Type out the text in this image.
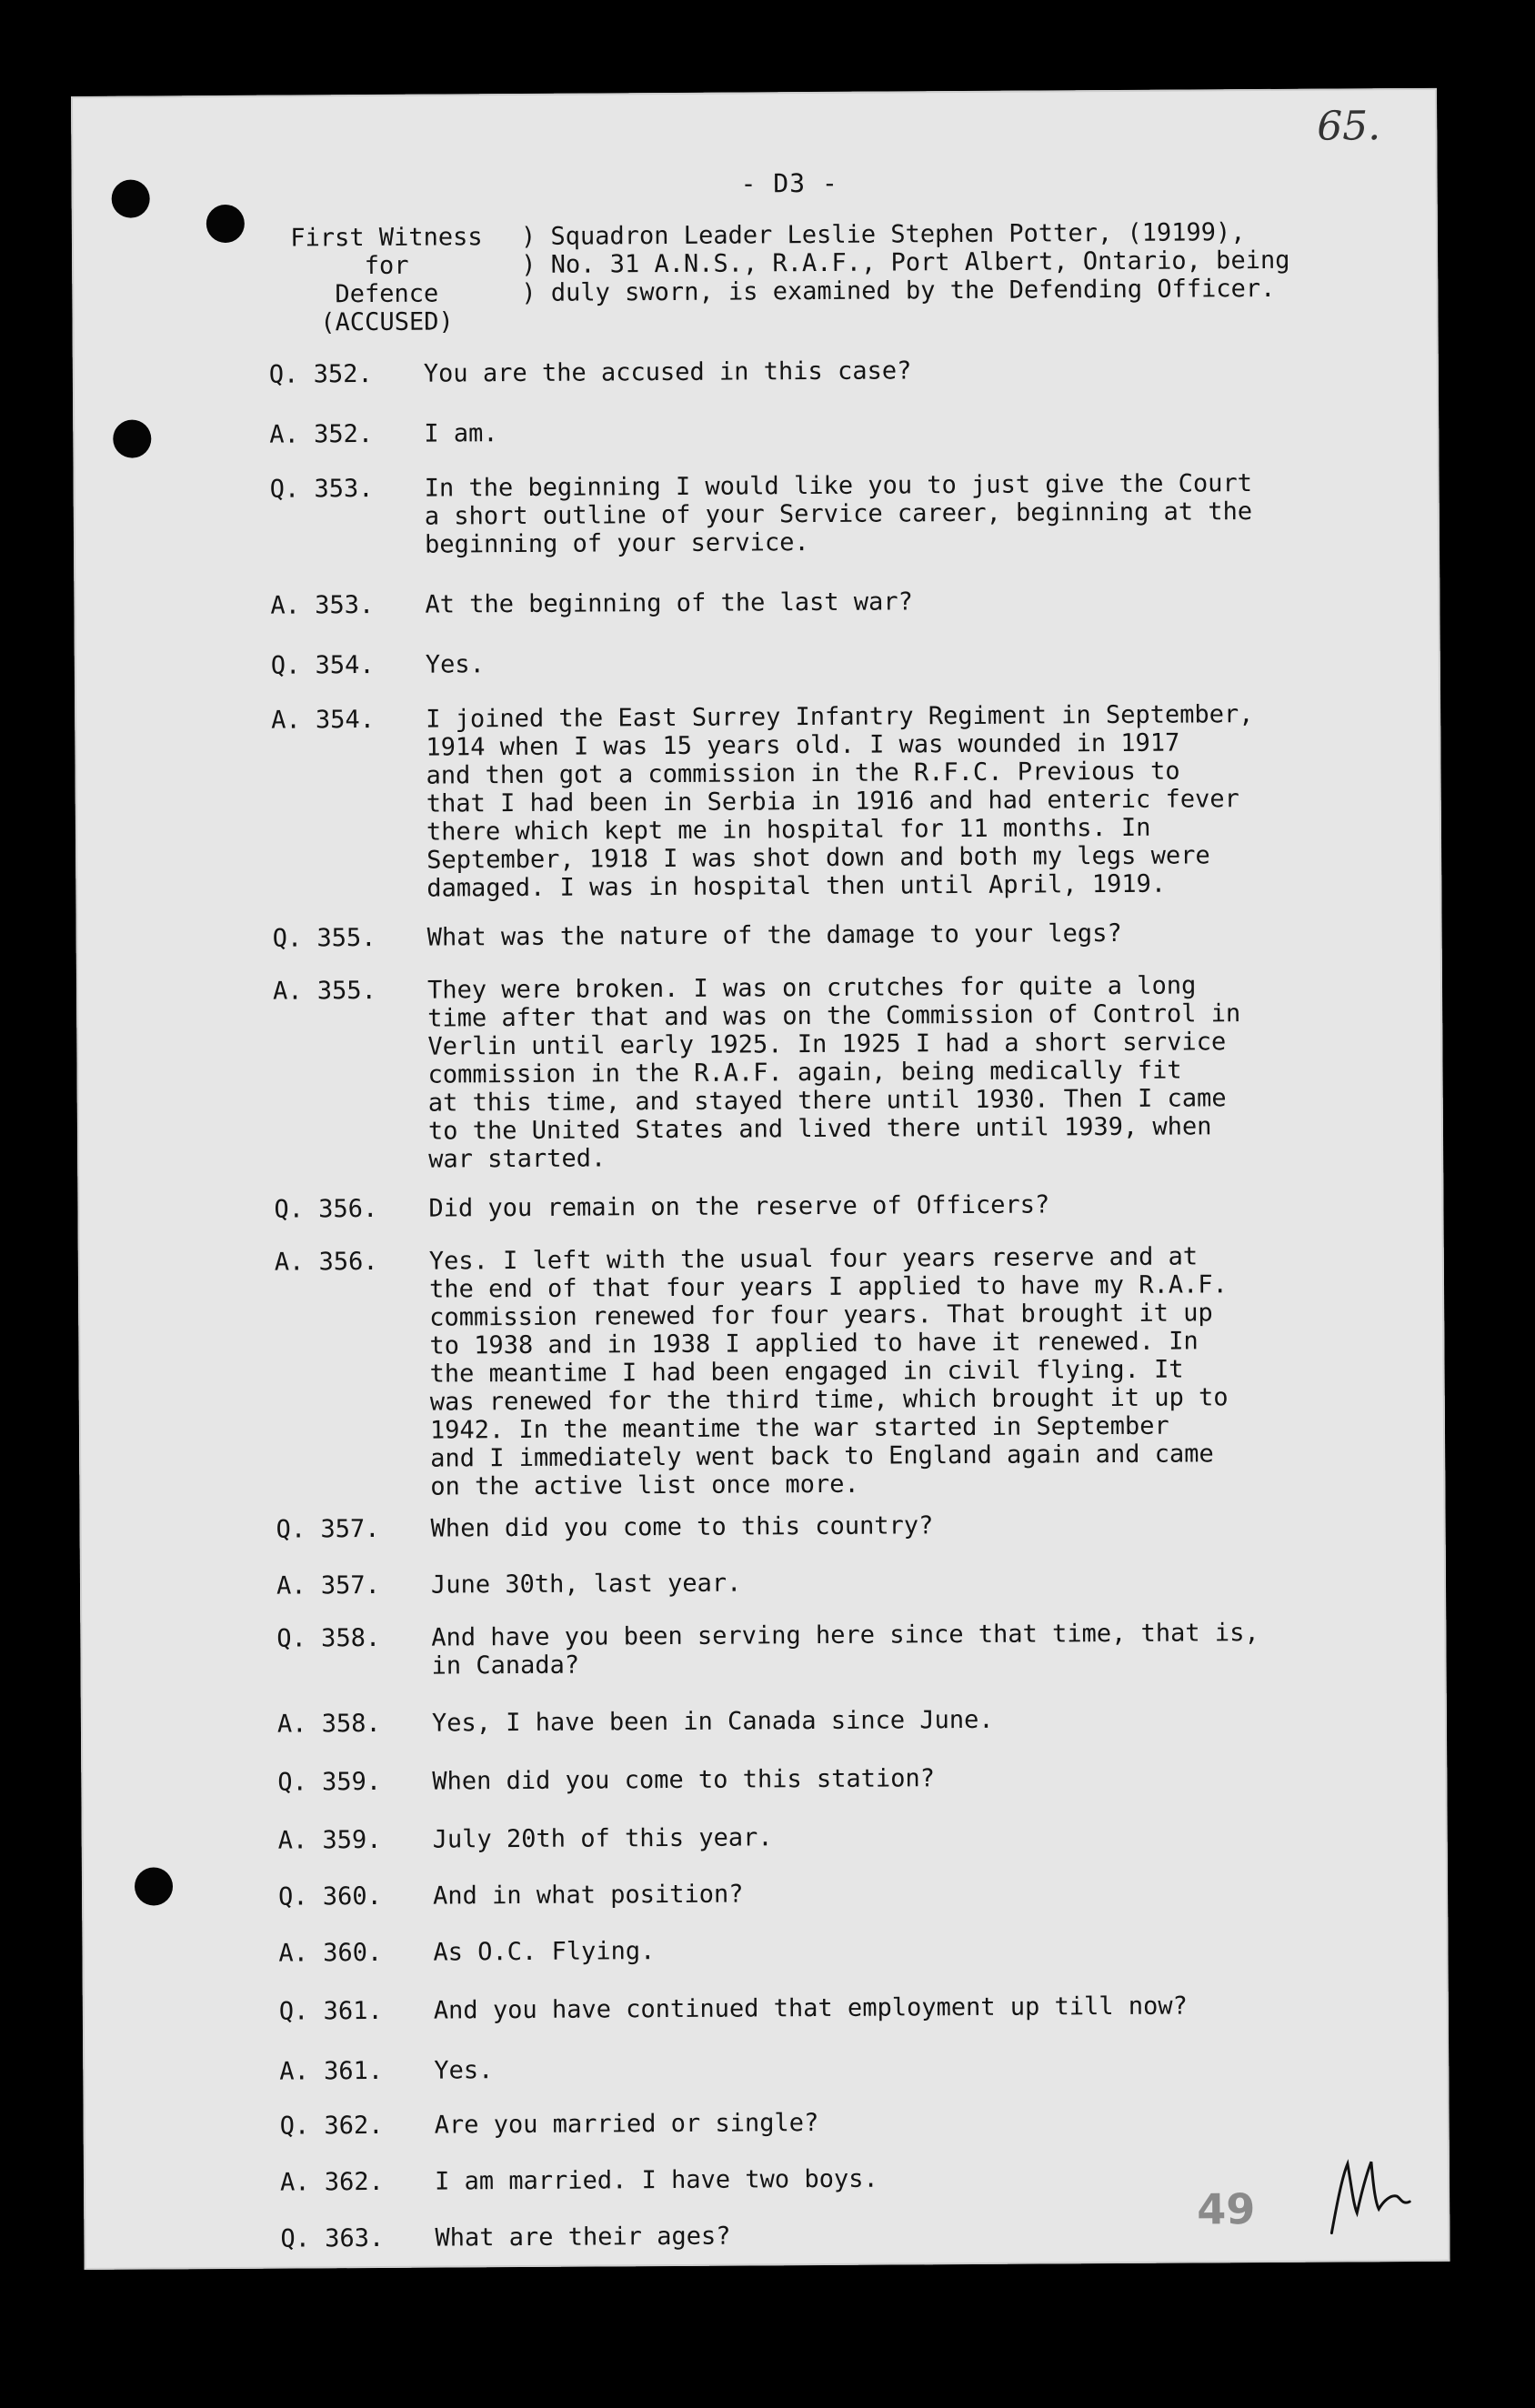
65.
- D3 -
First Witness
for
Defence
(ACCUSED)
) Squadron Leader Leslie Stephen Potter, (19199),
) No. 31 A.N.S., R.A.F., Port Albert, Ontario, being
) duly sworn, is examined by the Defending Officer.
Q. 352.	You are the accused in this case?
A. 352.	I am.
Q. 353.	In the beginning I would like you to just give the Court
a short outline of your Service career, beginning at the
beginning of your service.
A. 353.	At the beginning of the last war?
Q. 354.	Yes.
A. 354.	I joined the East Surrey Infantry Regiment in September,
1914 when I was 15 years old. I was wounded in 1917
and then got a commission in the R.F.C. Previous to
that I had been in Serbia in 1916 and had enteric fever
there which kept me in hospital for 11 months. In
September, 1918 I was shot down and both my legs were
damaged. I was in hospital then until April, 1919.
Q. 355.	What was the nature of the damage to your legs?
A. 355.	They were broken. I was on crutches for quite a long
time after that and was on the Commission of Control in
Verlin until early 1925. In 1925 I had a short service
commission in the R.A.F. again, being medically fit
at this time, and stayed there until 1930. Then I came
to the United States and lived there until 1939, when
war started.
Q. 356.	Did you remain on the reserve of Officers?
A. 356.	Yes. I left with the usual four years reserve and at
the end of that four years I applied to have my R.A.F.
commission renewed for four years. That brought it up
to 1938 and in 1938 I applied to have it renewed. In
the meantime I had been engaged in civil flying. It
was renewed for the third time, which brought it up to
1942. In the meantime the war started in September
and I immediately went back to England again and came
on the active list once more.
Q. 357.	When did you come to this country?
A. 357.	June 30th, last year.
Q. 358.	And have you been serving here since that time, that is,
in Canada?
A. 358.	Yes, I have been in Canada since June.
Q. 359.	When did you come to this station?
A. 359.	July 20th of this year.
Q. 360.	And in what position?
A. 360.	As O.C. Flying.
Q. 361.	And you have continued that employment up till now?
A. 361.	Yes.
Q. 362.	Are you married or single?
A. 362.	I am married. I have two boys.
Q. 363.	What are their ages?
49
